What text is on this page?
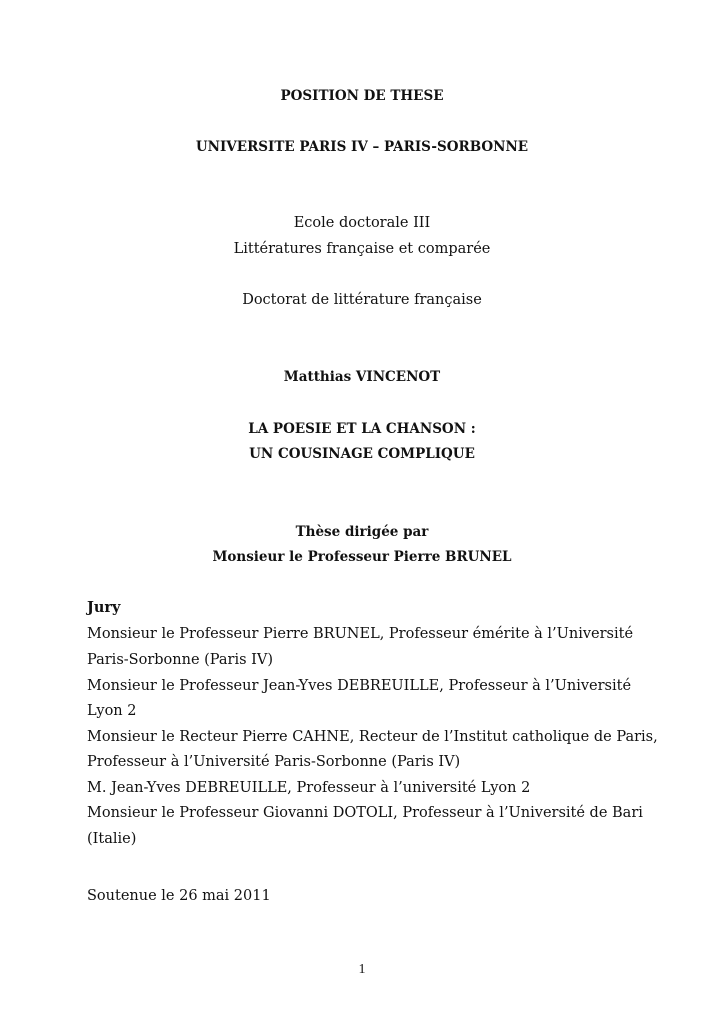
POSITION DE THESE
UNIVERSITE PARIS IV – PARIS-SORBONNE
Ecole doctorale III
Littératures française et comparée
Doctorat de littérature française
Matthias VINCENOT
LA POESIE ET LA CHANSON :
UN COUSINAGE COMPLIQUE
Thèse dirigée par
Monsieur le Professeur Pierre BRUNEL
Jury
Monsieur le Professeur Pierre BRUNEL, Professeur émérite à l’Université
Paris-Sorbonne (Paris IV)
Monsieur le Professeur Jean-Yves DEBREUILLE, Professeur à l’Université
Lyon 2
Monsieur le Recteur Pierre CAHNE, Recteur de l’Institut catholique de Paris,
Professeur à l’Université Paris-Sorbonne (Paris IV)
M. Jean-Yves DEBREUILLE, Professeur à l’université Lyon 2
Monsieur le Professeur Giovanni DOTOLI, Professeur à l’Université de Bari
(Italie)
Soutenue le 26 mai 2011
1
